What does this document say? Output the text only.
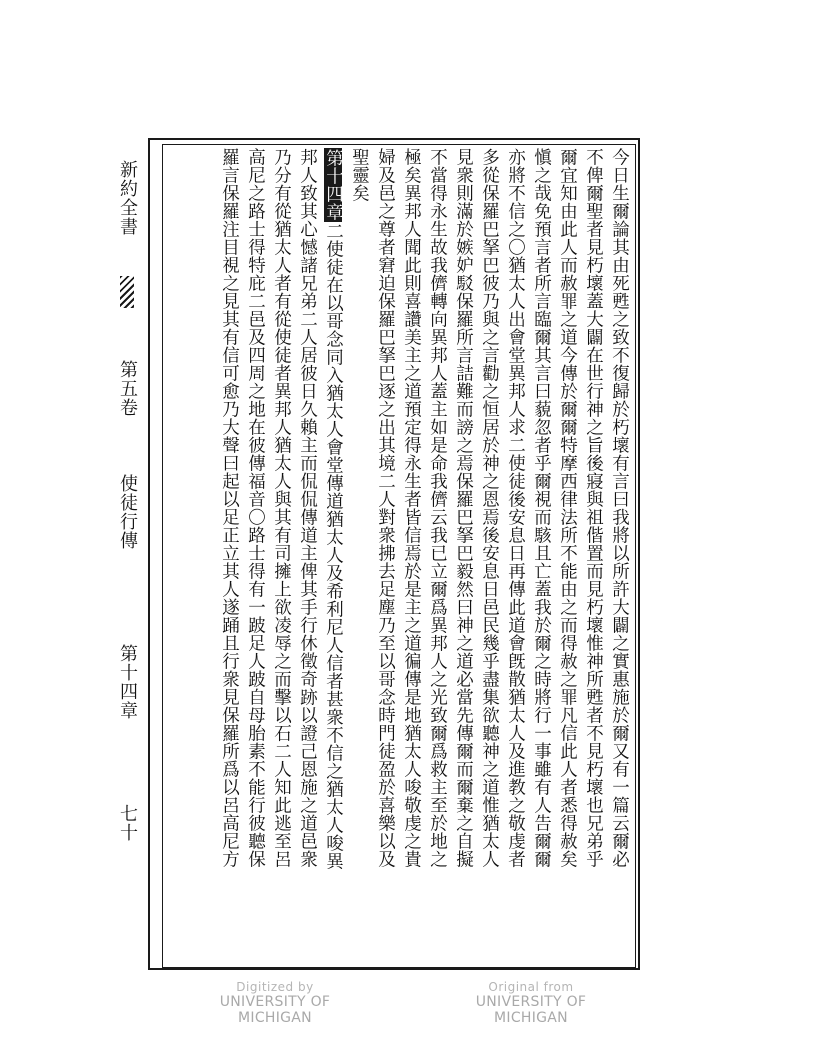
今日生爾論其由死甦之致不復歸於朽壞有言曰我將以所許大闢之實惠施於爾又有一篇云爾必
不俾爾聖者見朽壞蓋大闢在世行神之旨後寢與祖偕置而見朽壞惟神所甦者不見朽壞也兄弟乎
爾宜知由此人而赦罪之道今傳於爾爾特摩西律法所不能由之而得赦之罪凡信此人者悉得赦矣
愼之哉免預言者所言臨爾其言曰藐忽者乎爾視而駭且亡蓋我於爾之時將行一事雖有人告爾爾
亦將不信之〇猶太人出會堂異邦人求二使徒後安息日再傳此道會旣散猶太人及進教之敬虔者
多從保羅巴拏巴彼乃與之言勸之恒居於神之恩焉後安息日邑民幾乎盡集欲聽神之道惟猶太人
見衆則滿於嫉妒駁保羅所言詰難而謗之焉保羅巴拏巴毅然曰神之道必當先傳爾而爾棄之自擬
不當得永生故我儕轉向異邦人蓋主如是命我儕云我已立爾爲異邦人之光致爾爲救主至於地之
極矣異邦人聞此則喜讚美主之道預定得永生者皆信焉於是主之道徧傳是地猶太人唆敬虔之貴
婦及邑之尊者窘迫保羅巴拏巴逐之出其境二人對衆拂去足塵乃至以哥念時門徒盈於喜樂以及
聖靈矣
第十四章
二使徒在以哥念同入猶太人會堂傳道猶太人及希利尼人信者甚衆不信之猶太人唆異
邦人致其心憾諸兄弟二人居彼日久賴主而侃侃傳道主俾其手行休徵奇跡以證己恩施之道邑衆
乃分有從猶太人者有從使徒者異邦人猶太人與其有司擁上欲凌辱之而擊以石二人知此逃至呂
高尼之路士得特庇二邑及四周之地在彼傳福音〇路士得有一跛足人跛自母胎素不能行彼聽保
羅言保羅注目視之見其有信可愈乃大聲曰起以足正立其人遂踊且行衆見保羅所爲以呂高尼方
新約全書
第五卷
使徒行傳
第十四章
七十
Digitized by
UNIVERSITY OF MICHIGAN
Original from
UNIVERSITY OF MICHIGAN
